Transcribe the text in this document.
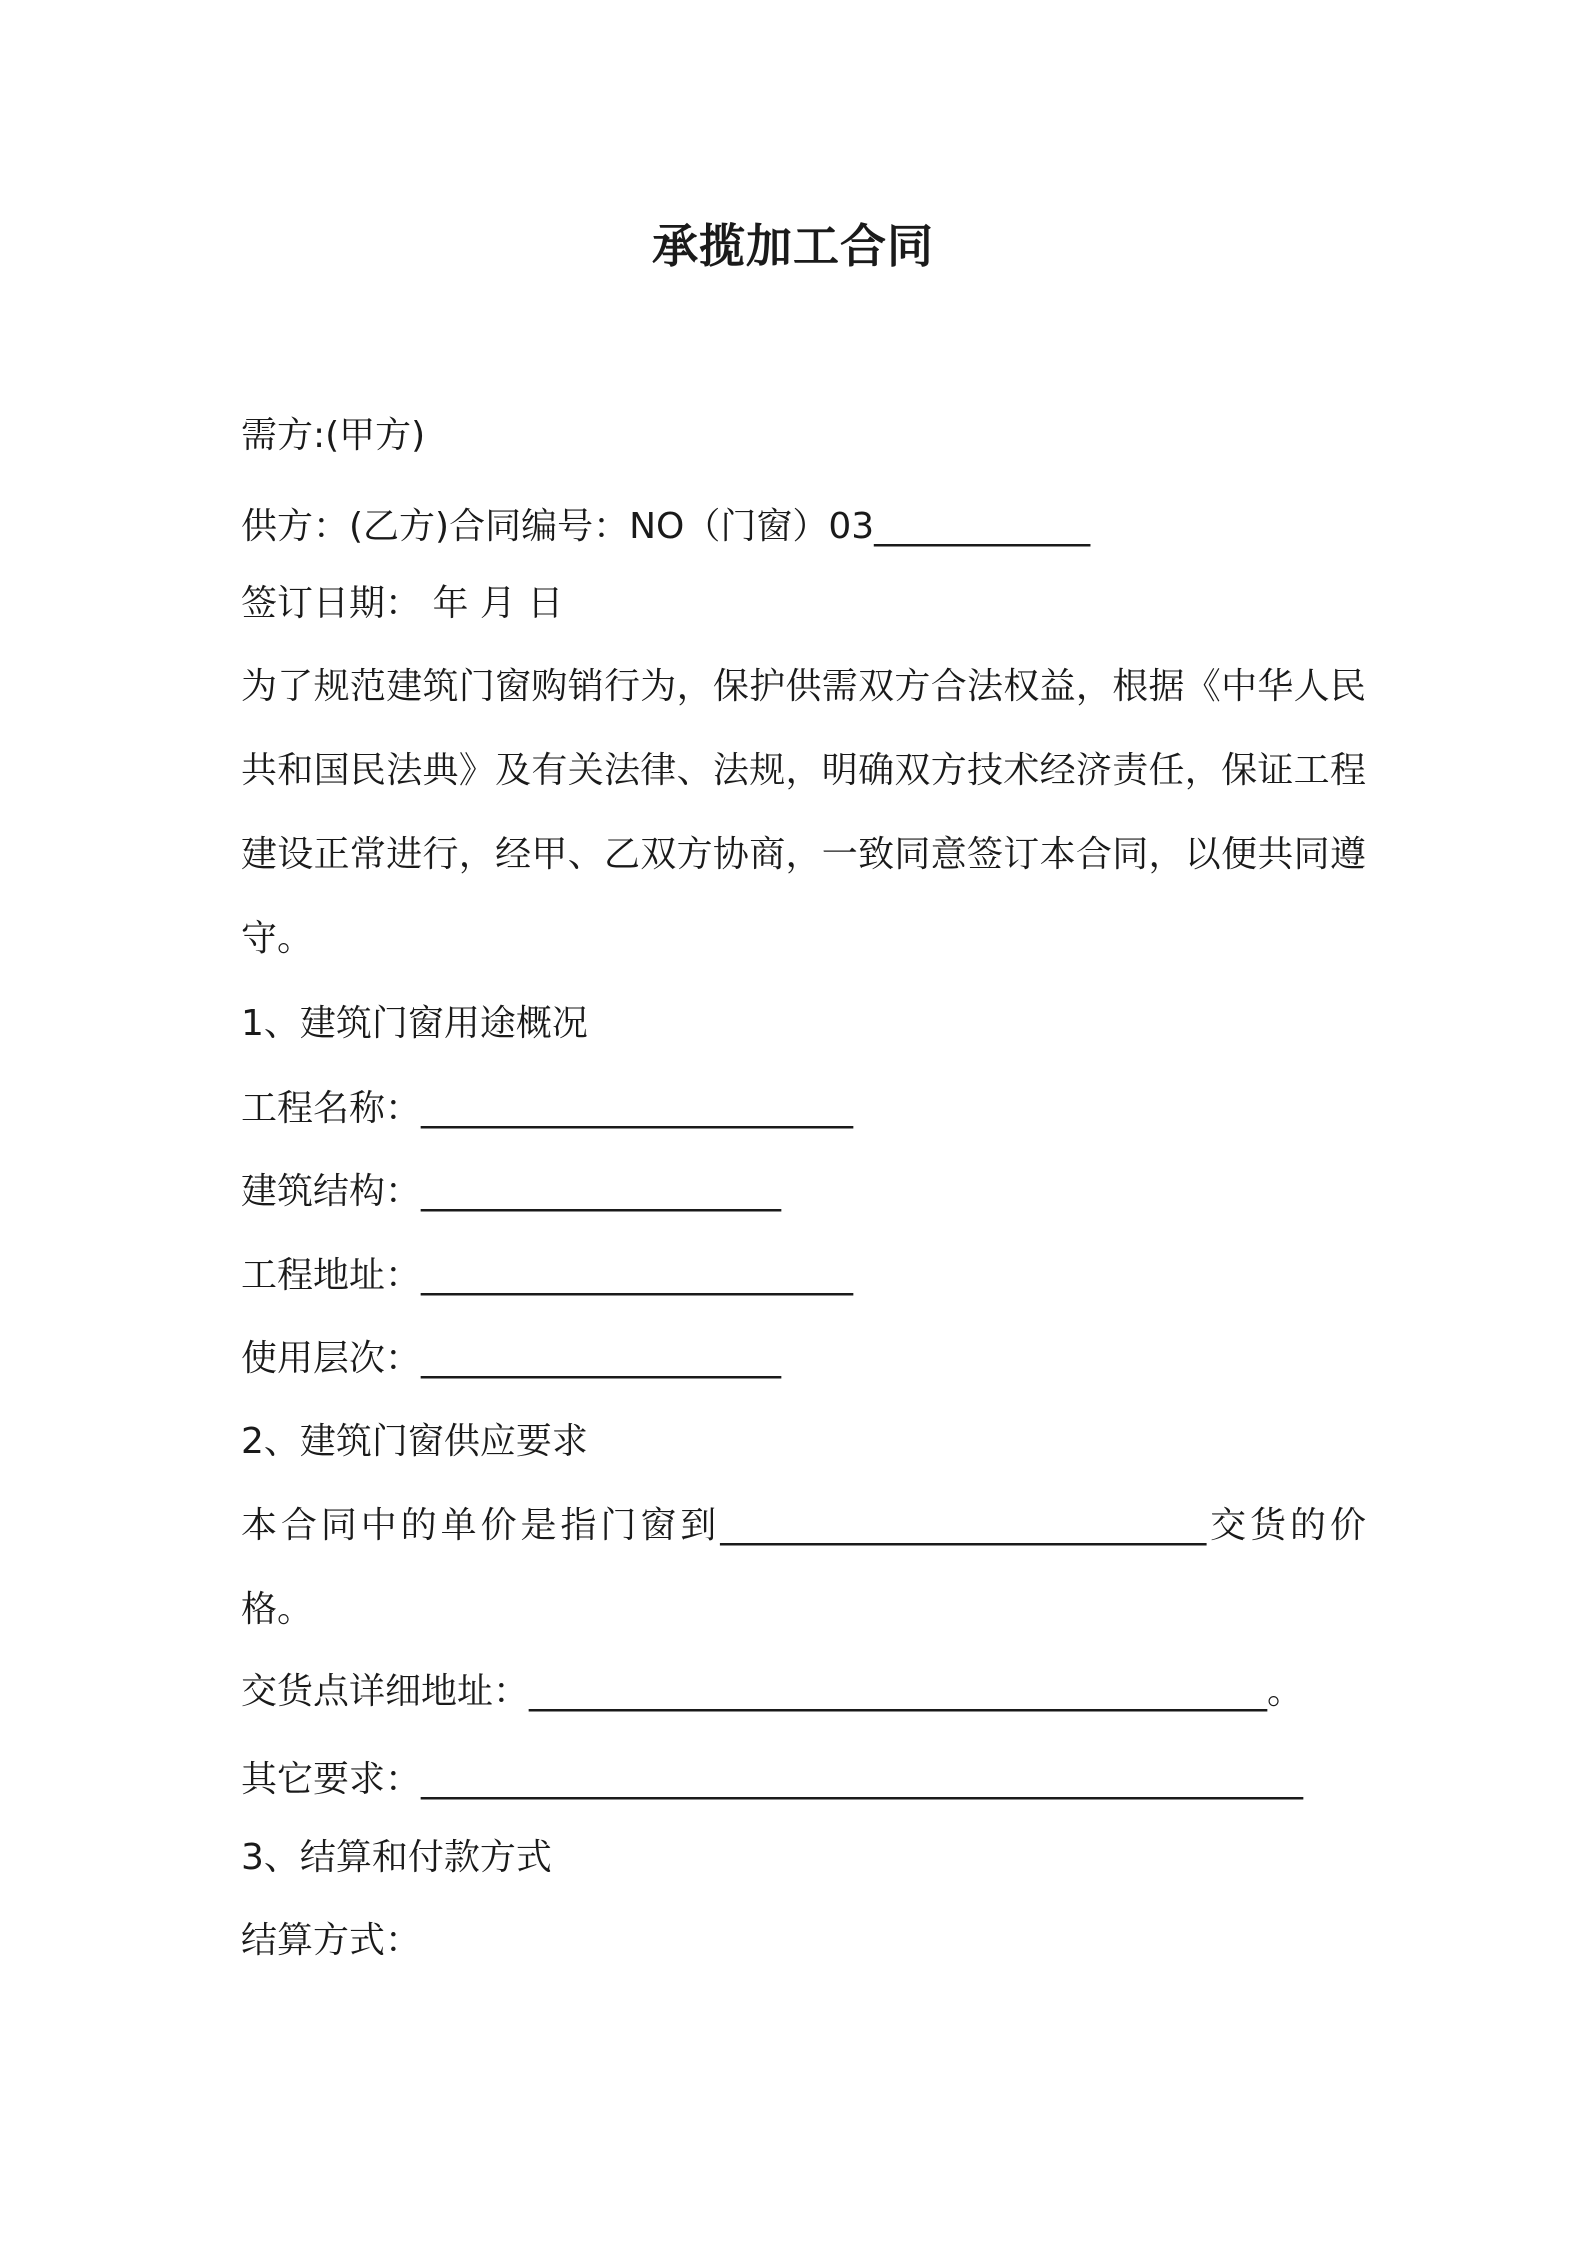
承揽加工合同
需方:(甲方)
供方：(乙方)合同编号：NO（门窗）03____________
签订日期： 年 月 日
为了规范建筑门窗购销行为，保护供需双方合法权益，根据《中华人民共和国民法典》及有关法律、法规，明确双方技术经济责任，保证工程建设正常进行，经甲、乙双方协商，一致同意签订本合同，以便共同遵守。
1、建筑门窗用途概况
工程名称：________________________
建筑结构：____________________
工程地址：________________________
使用层次：____________________
2、建筑门窗供应要求
本合同中的单价是指门窗到___________________________交货的价格。
交货点详细地址：_________________________________________。
其它要求：_________________________________________________
3、结算和付款方式
结算方式：
